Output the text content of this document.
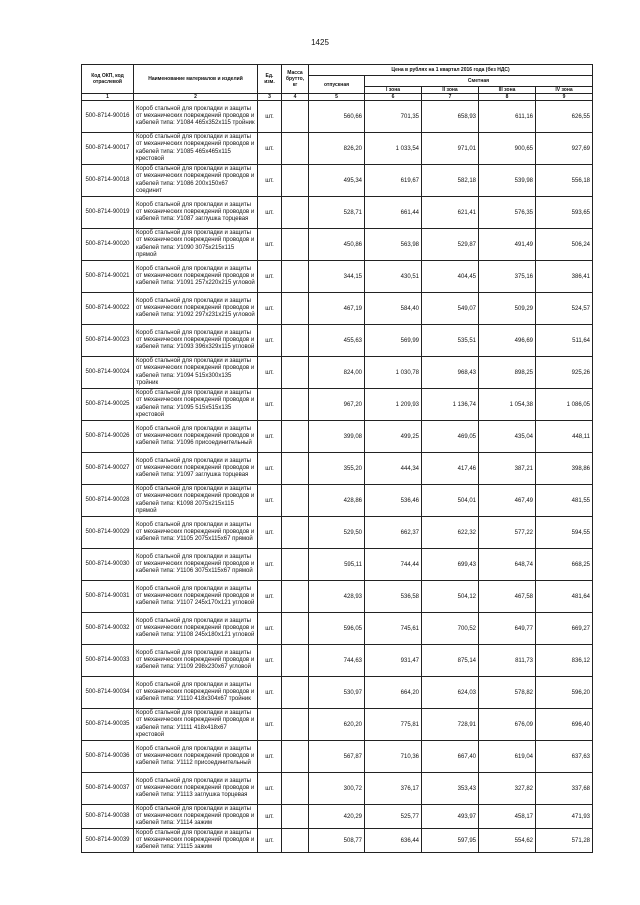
1425
Код ОКП, код отраслевой	Наименование материалов и изделий	Ед. изм.	Масса брутто, кг	Цена в рублях на 1 квартал 2016 года (без НДС)				
				отпускная	Сметная			
					I зона	II зона	III зона	IV зона
1	2	3	4	5	6	7	8	9
500-8714-90016	Короб стальной для прокладки и защиты от механических повреждений проводов и кабелей типа: У1084 465х352х115 тройник	шт.		560,66	701,35	658,93	611,16	626,55
500-8714-90017	Короб стальной для прокладки и защиты от механических повреждений проводов и кабелей типа: У1085 465х465х115 крестовой	шт.		826,20	1 033,54	971,01	900,65	927,69
500-8714-90018	Короб стальной для прокладки и защиты от механических повреждений проводов и кабелей типа: У1086 200х150х67 соединит	шт.		495,34	619,67	582,18	539,98	556,18
500-8714-90019	Короб стальной для прокладки и защиты от механических повреждений проводов и кабелей типа: У1087 заглушка торцевая	шт.		528,71	661,44	621,41	576,35	593,65
500-8714-90020	Короб стальной для прокладки и защиты от механических повреждений проводов и кабелей типа: У1090 3075х215х115 прямой	шт.		450,86	563,98	529,87	491,49	506,24
500-8714-90021	Короб стальной для прокладки и защиты от механических повреждений проводов и кабелей типа: У1091 257х220х215 угловой	шт.		344,15	430,51	404,45	375,16	386,41
500-8714-90022	Короб стальной для прокладки и защиты от механических повреждений проводов и кабелей типа: У1092 297х231х215 угловой	шт.		467,19	584,40	549,07	509,29	524,57
500-8714-90023	Короб стальной для прокладки и защиты от механических повреждений проводов и кабелей типа: У1093 396х329х115 угловой	шт.		455,63	569,99	535,51	496,69	511,64
500-8714-90024	Короб стальной для прокладки и защиты от механических повреждений проводов и кабелей типа: У1094 515х300х135 тройник	шт.		824,00	1 030,78	968,43	898,25	925,26
500-8714-90025	Короб стальной для прокладки и защиты от механических повреждений проводов и кабелей типа: У1095 515х515х135 крестовой	шт.		967,20	1 209,93	1 136,74	1 054,38	1 086,05
500-8714-90026	Короб стальной для прокладки и защиты от механических повреждений проводов и кабелей типа: У1096 присоединительный	шт.		399,08	499,25	469,05	435,04	448,11
500-8714-90027	Короб стальной для прокладки и защиты от механических повреждений проводов и кабелей типа: У1097 заглушка торцевая	шт.		355,20	444,34	417,46	387,21	398,86
500-8714-90028	Короб стальной для прокладки и защиты от механических повреждений проводов и кабелей типа: К1098 2075х215х115 прямой	шт.		428,86	536,46	504,01	467,49	481,55
500-8714-90029	Короб стальной для прокладки и защиты от механических повреждений проводов и кабелей типа: У1105 2075х115х67 прямой	шт.		529,50	662,37	622,32	577,22	594,55
500-8714-90030	Короб стальной для прокладки и защиты от механических повреждений проводов и кабелей типа: У1106 3075х115х67 прямой	шт.		595,11	744,44	699,43	648,74	668,25
500-8714-90031	Короб стальной для прокладки и защиты от механических повреждений проводов и кабелей типа: У1107 245х170х121 угловой	шт.		428,93	536,58	504,12	467,58	481,64
500-8714-90032	Короб стальной для прокладки и защиты от механических повреждений проводов и кабелей типа: У1108 245х180х121 угловой	шт.		596,05	745,61	700,52	649,77	669,27
500-8714-90033	Короб стальной для прокладки и защиты от механических повреждений проводов и кабелей типа: У1109 298х230х67 угловой	шт.		744,63	931,47	875,14	811,73	836,12
500-8714-90034	Короб стальной для прокладки и защиты от механических повреждений проводов и кабелей типа: У1110 418х304х67 тройник	шт.		530,97	664,20	624,03	578,82	596,20
500-8714-90035	Короб стальной для прокладки и защиты от механических повреждений проводов и кабелей типа: У1111 418х418х67 крестовой	шт.		620,20	775,81	728,91	676,09	696,40
500-8714-90036	Короб стальной для прокладки и защиты от механических повреждений проводов и кабелей типа: У1112 присоединительный	шт.		567,87	710,36	667,40	619,04	637,63
500-8714-90037	Короб стальной для прокладки и защиты от механических повреждений проводов и кабелей типа: У1113 заглушка торцевая	шт.		300,72	376,17	353,43	327,82	337,68
500-8714-90038	Короб стальной для прокладки и защиты от механических повреждений проводов и кабелей типа: У1114 зажим	шт.		420,29	525,77	493,97	458,17	471,93
500-8714-90039	Короб стальной для прокладки и защиты от механических повреждений проводов и кабелей типа: У1115 зажим	шт.		508,77	636,44	597,95	554,62	571,28
